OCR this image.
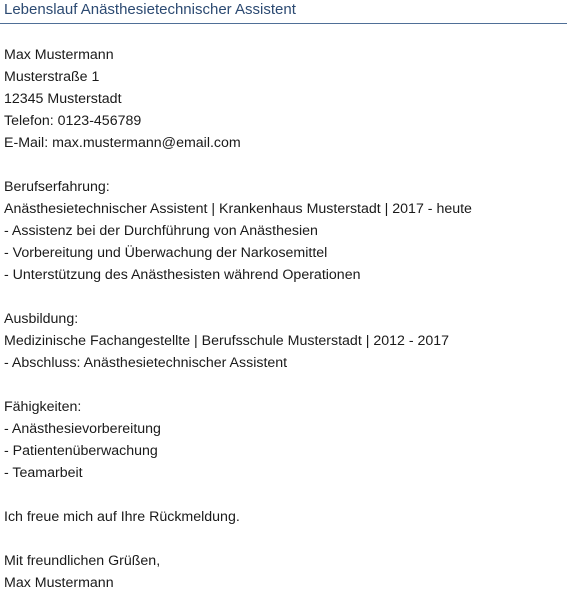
Lebenslauf Anästhesietechnischer Assistent
Max Mustermann
Musterstraße 1
12345 Musterstadt
Telefon: 0123-456789
E-Mail: max.mustermann@email.com
Berufserfahrung:
Anästhesietechnischer Assistent | Krankenhaus Musterstadt | 2017 - heute
- Assistenz bei der Durchführung von Anästhesien
- Vorbereitung und Überwachung der Narkosemittel
- Unterstützung des Anästhesisten während Operationen
Ausbildung:
Medizinische Fachangestellte | Berufsschule Musterstadt | 2012 - 2017
- Abschluss: Anästhesietechnischer Assistent
Fähigkeiten:
- Anästhesievorbereitung
- Patientenüberwachung
- Teamarbeit
Ich freue mich auf Ihre Rückmeldung.
Mit freundlichen Grüßen,
Max Mustermann
